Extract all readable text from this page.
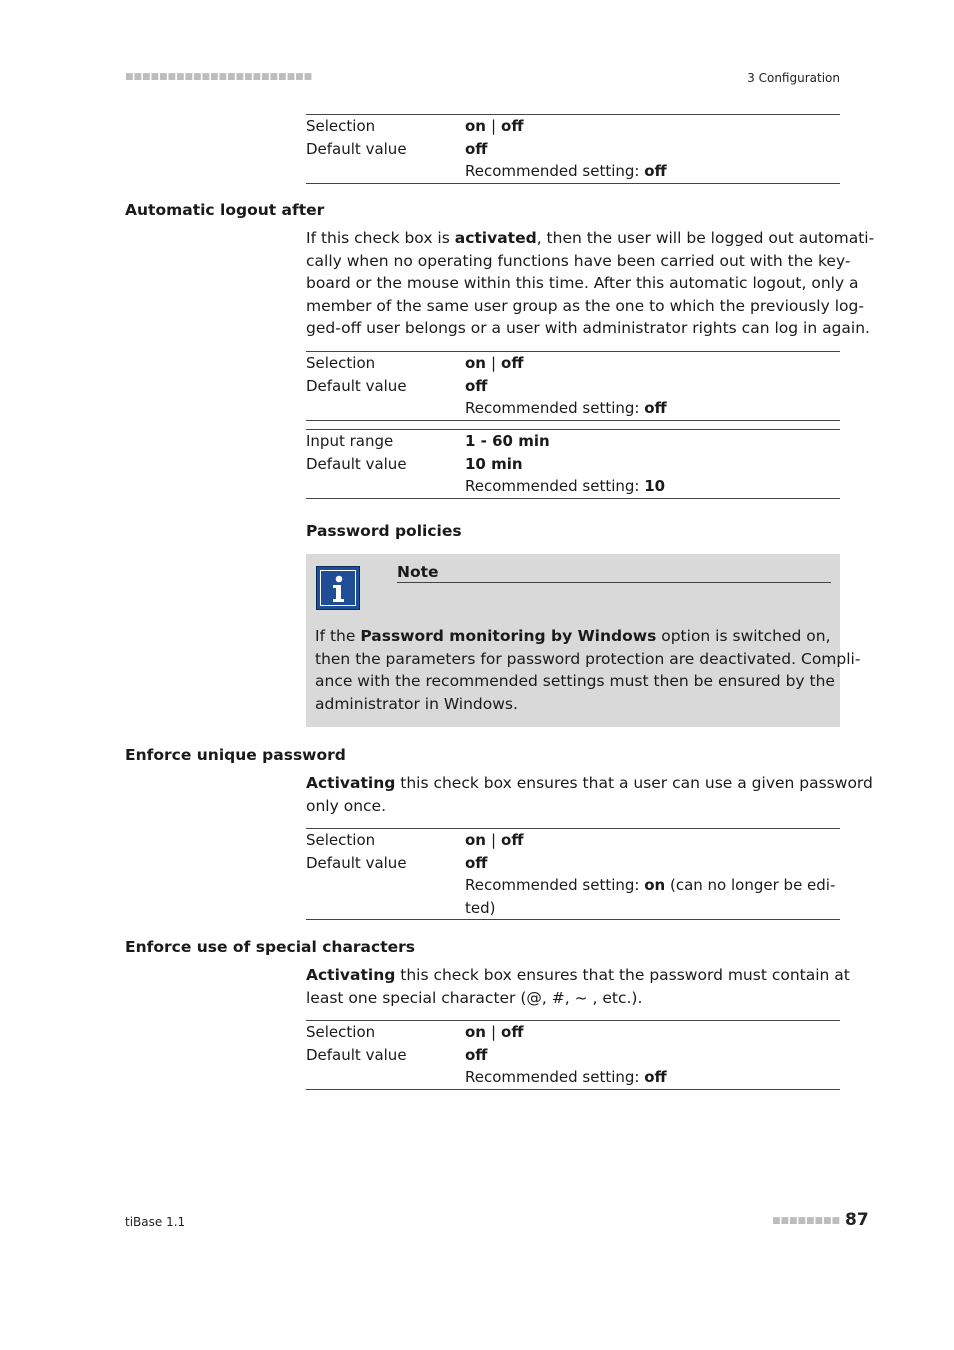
■■■■■■■■■■■■■■■■■■■■■■	3 Configuration
Selection	on | off
Default value	off
Recommended setting: off
Automatic logout after
If this check box is activated, then the user will be logged out automati-
cally when no operating functions have been carried out with the key-
board or the mouse within this time. After this automatic logout, only a
member of the same user group as the one to which the previously log-
ged-off user belongs or a user with administrator rights can log in again.
Selection	on | off
Default value	off
Recommended setting: off
Input range	1 - 60 min
Default value	10 min
Recommended setting: 10
Password policies
Note
If the Password monitoring by Windows option is switched on,
then the parameters for password protection are deactivated. Compli-
ance with the recommended settings must then be ensured by the
administrator in Windows.
Enforce unique password
Activating this check box ensures that a user can use a given password
only once.
Selection	on | off
Default value	off
Recommended setting: on (can no longer be edi-
ted)
Enforce use of special characters
Activating this check box ensures that the password must contain at
least one special character (@, #, ~ , etc.).
Selection	on | off
Default value	off
Recommended setting: off
tiBase 1.1	■■■■■■■■ 87
